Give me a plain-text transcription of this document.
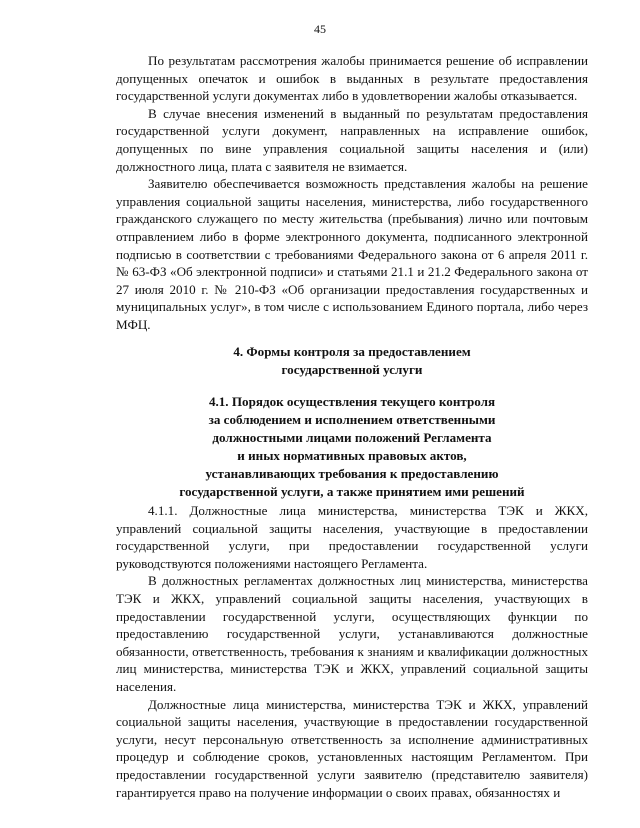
45

По результатам рассмотрения жалобы принимается решение об исправлении допущенных опечаток и ошибок в выданных в результате предоставления государственной услуги документах либо в удовлетворении жалобы отказывается.

В случае внесения изменений в выданный по результатам предоставления государственной услуги документ, направленных на исправление ошибок, допущенных по вине управления социальной защиты населения и (или) должностного лица, плата с заявителя не взимается.

Заявителю обеспечивается возможность представления жалобы на решение управления социальной защиты населения, министерства, либо государственного гражданского служащего по месту жительства (пребывания) лично или почтовым отправлением либо в форме электронного документа, подписанного электронной подписью в соответствии с требованиями Федерального закона от 6 апреля 2011 г. № 63-ФЗ «Об электронной подписи» и статьями 21.1 и 21.2 Федерального закона от 27 июля 2010 г. № 210-ФЗ «Об организации предоставления государственных и муниципальных услуг», в том числе с использованием Единого портала, либо через МФЦ.

4. Формы контроля за предоставлением
государственной услуги

4.1. Порядок осуществления текущего контроля
за соблюдением и исполнением ответственными
должностными лицами положений Регламента
и иных нормативных правовых актов,
устанавливающих требования к предоставлению
государственной услуги, а также принятием ими решений

4.1.1. Должностные лица министерства, министерства ТЭК и ЖКХ, управлений социальной защиты населения, участвующие в предоставлении государственной услуги, при предоставлении государственной услуги руководствуются положениями настоящего Регламента.

В должностных регламентах должностных лиц министерства, министерства ТЭК и ЖКХ, управлений социальной защиты населения, участвующих в предоставлении государственной услуги, осуществляющих функции по предоставлению государственной услуги, устанавливаются должностные обязанности, ответственность, требования к знаниям и квалификации должностных лиц министерства, министерства ТЭК и ЖКХ, управлений социальной защиты населения.

Должностные лица министерства, министерства ТЭК и ЖКХ, управлений социальной защиты населения, участвующие в предоставлении государственной услуги, несут персональную ответственность за исполнение административных процедур и соблюдение сроков, установленных настоящим Регламентом. При предоставлении государственной услуги заявителю (представителю заявителя) гарантируется право на получение информации о своих правах, обязанностях и
